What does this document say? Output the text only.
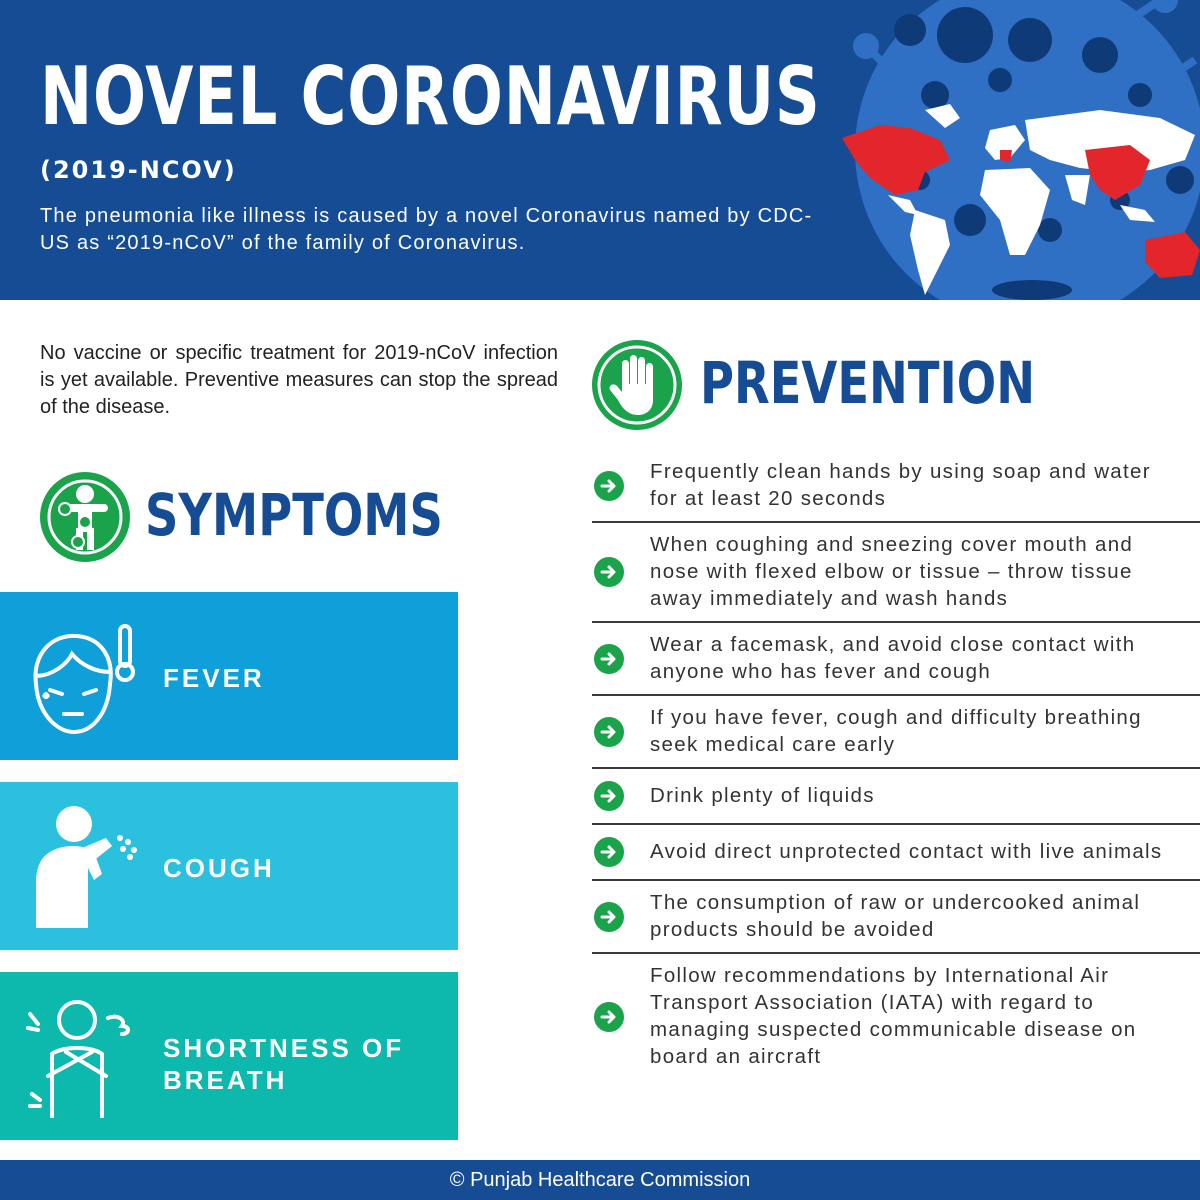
NOVEL CORONAVIRUS
(2019-NCOV)
The pneumonia like illness is caused by a novel Coronavirus named by CDC-US as “2019-nCoV” of the family of Coronavirus.
No vaccine or specific treatment for 2019-nCoV infection is yet available. Preventive measures can stop the spread of the disease.
SYMPTOMS
FEVER
COUGH
SHORTNESS OF BREATH
PREVENTION
Frequently clean hands by using soap and water for at least 20 seconds
When coughing and sneezing cover mouth and nose with flexed elbow or tissue – throw tissue away immediately and wash hands
Wear a facemask, and avoid close contact with anyone who has fever and cough
If you have fever, cough and difficulty breathing seek medical care early
Drink plenty of liquids
Avoid direct unprotected contact with live animals
The consumption of raw or undercooked animal products should be avoided
Follow recommendations by International Air Transport Association (IATA) with regard to managing suspected communicable disease on board an aircraft
© Punjab Healthcare Commission
